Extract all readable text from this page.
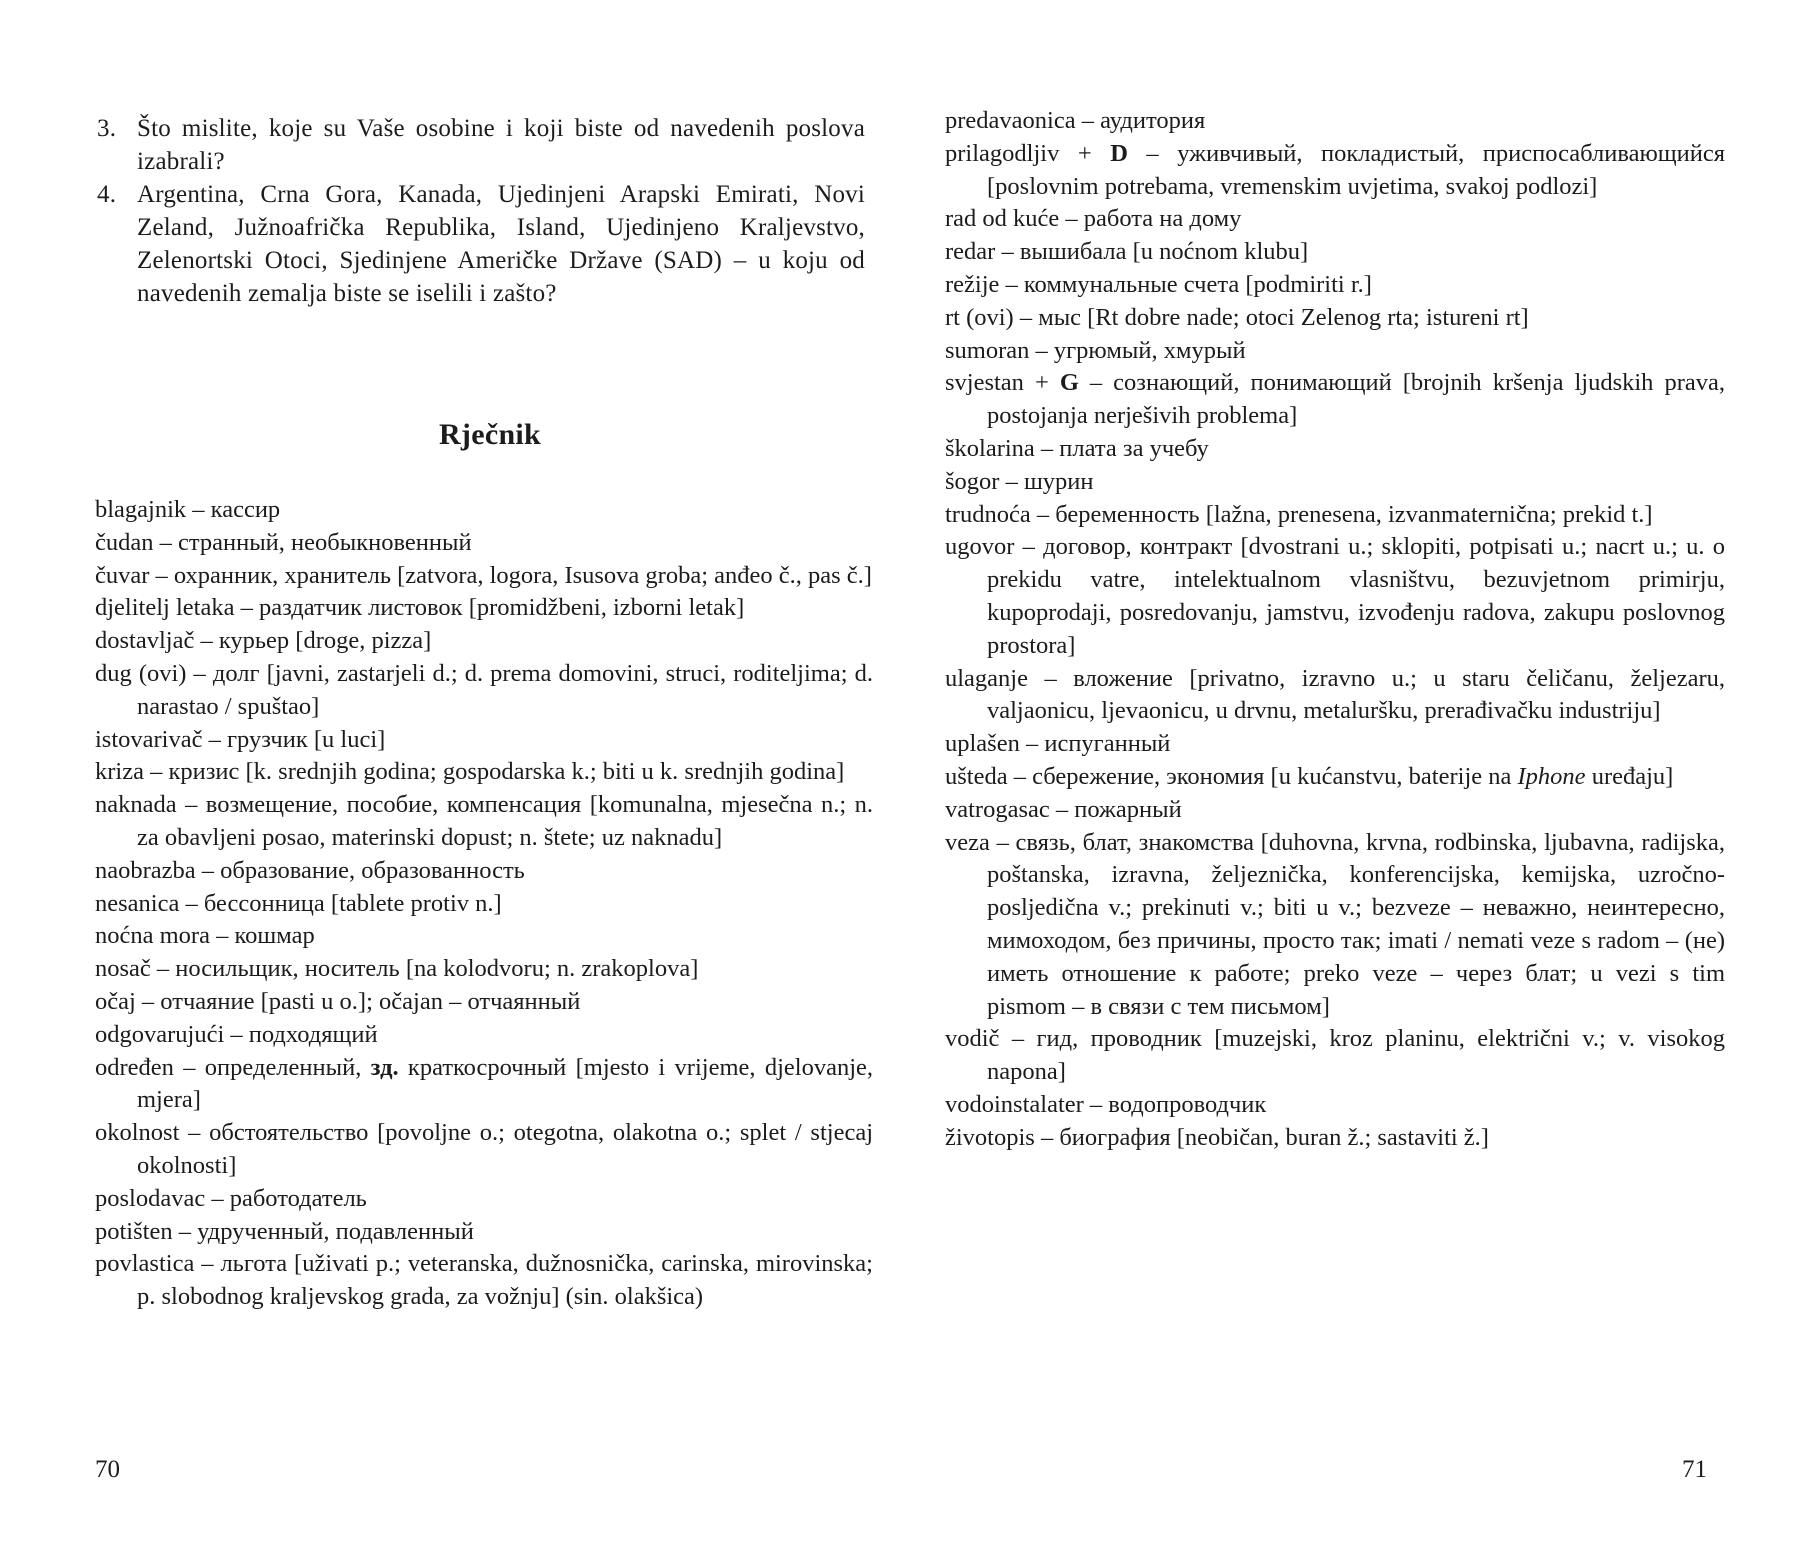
3. Što mislite, koje su Vaše osobine i koji biste od navedenih poslova izabrali?
4. Argentina, Crna Gora, Kanada, Ujedinjeni Arapski Emirati, Novi Zeland, Južnoafrička Republika, Island, Ujedinjeno Kraljevstvo, Zelenortski Otoci, Sjedinjene Američke Države (SAD) – u koju od navedenih zemalja biste se iselili i zašto?
Rječnik
blagajnik – кассир
čudan – странный, необыкновенный
čuvar – охранник, хранитель [zatvora, logora, Isusova groba; anđeo č., pas č.]
djelitelj letaka – раздатчик листовок [promidžbeni, izborni letak]
dostavljač – курьер [droge, pizza]
dug (ovi) – долг [javni, zastarjeli d.; d. prema domovini, struci, roditeljima; d. narastao / spuštao]
istovarivač – грузчик [u luci]
kriza – кризис [k. srednjih godina; gospodarska k.; biti u k. srednjih godina]
naknada – возмещение, пособие, компенсация [komunalna, mjesečna n.; n. za obavljeni posao, materinski dopust; n. štete; uz naknadu]
naobrazba – образование, образованность
nesanica – бессонница [tablete protiv n.]
noćna mora – кошмар
nosač – носильщик, носитель [na kolodvoru; n. zrakoplova]
očaj – отчаяние [pasti u o.]; očajan – отчаянный
odgovarujući – подходящий
određen – определенный, зд. краткосрочный [mjesto i vrijeme, djelovanje, mjera]
okolnost – обстоятельство [povoljne o.; otegotna, olakotna o.; splet / stjecaj okolnosti]
poslodavac – работодатель
potišten – удрученный, подавленный
povlastica – льгота [uživati p.; veteranska, dužnosnička, carinska, mirovinska; p. slobodnog kraljevskog grada, za vožnju] (sin. olakšica)
70
predavaonica – аудитория
prilagodljiv + D – уживчивый, покладистый, приспосабливающийся [poslovnim potrebama, vremenskim uvjetima, svakoj podlozi]
rad od kuće – работа на дому
redar – вышибала [u noćnom klubu]
režije – коммунальные счета [podmiriti r.]
rt (ovi) – мыс [Rt dobre nade; otoci Zelenog rta; istureni rt]
sumoran – угрюмый, хмурый
svjestan + G – сознающий, понимающий [brojnih kršenja ljudskih prava, postojanja nerješivih problema]
školarina – плата за учебу
šogor – шурин
trudnoća – беременность [lažna, prenesena, izvanmaternična; prekid t.]
ugovor – договор, контракт [dvostrani u.; sklopiti, potpisati u.; nacrt u.; u. o prekidu vatre, intelektualnom vlasništvu, bezuvjetnom primirju, kupoprodaji, posredovanju, jamstvu, izvođenju radova, zakupu poslovnog prostora]
ulaganje – вложение [privatno, izravno u.; u staru čeličanu, željezaru, valjaonicu, ljevaonicu, u drvnu, metaluršku, prerađivačku industriju]
uplašen – испуганный
ušteda – сбережение, экономия [u kućanstvu, baterije na Iphone uređaju]
vatrogasac – пожарный
veza – связь, блат, знакомства [duhovna, krvna, rodbinska, ljubavna, radijska, poštanska, izravna, željeznička, konferencijska, kemijska, uzročno-posljedična v.; prekinuti v.; biti u v.; bezveze – неважно, неинтересно, мимоходом, без причины, просто так; imati / nemati veze s radom – (не) иметь отношение к работе; preko veze – через блат; u vezi s tim pismom – в связи с тем письмом]
vodič – гид, проводник [muzejski, kroz planinu, električni v.; v. visokog napona]
vodoinstalater – водопроводчик
životopis – биография [neobičan, buran ž.; sastaviti ž.]
71
